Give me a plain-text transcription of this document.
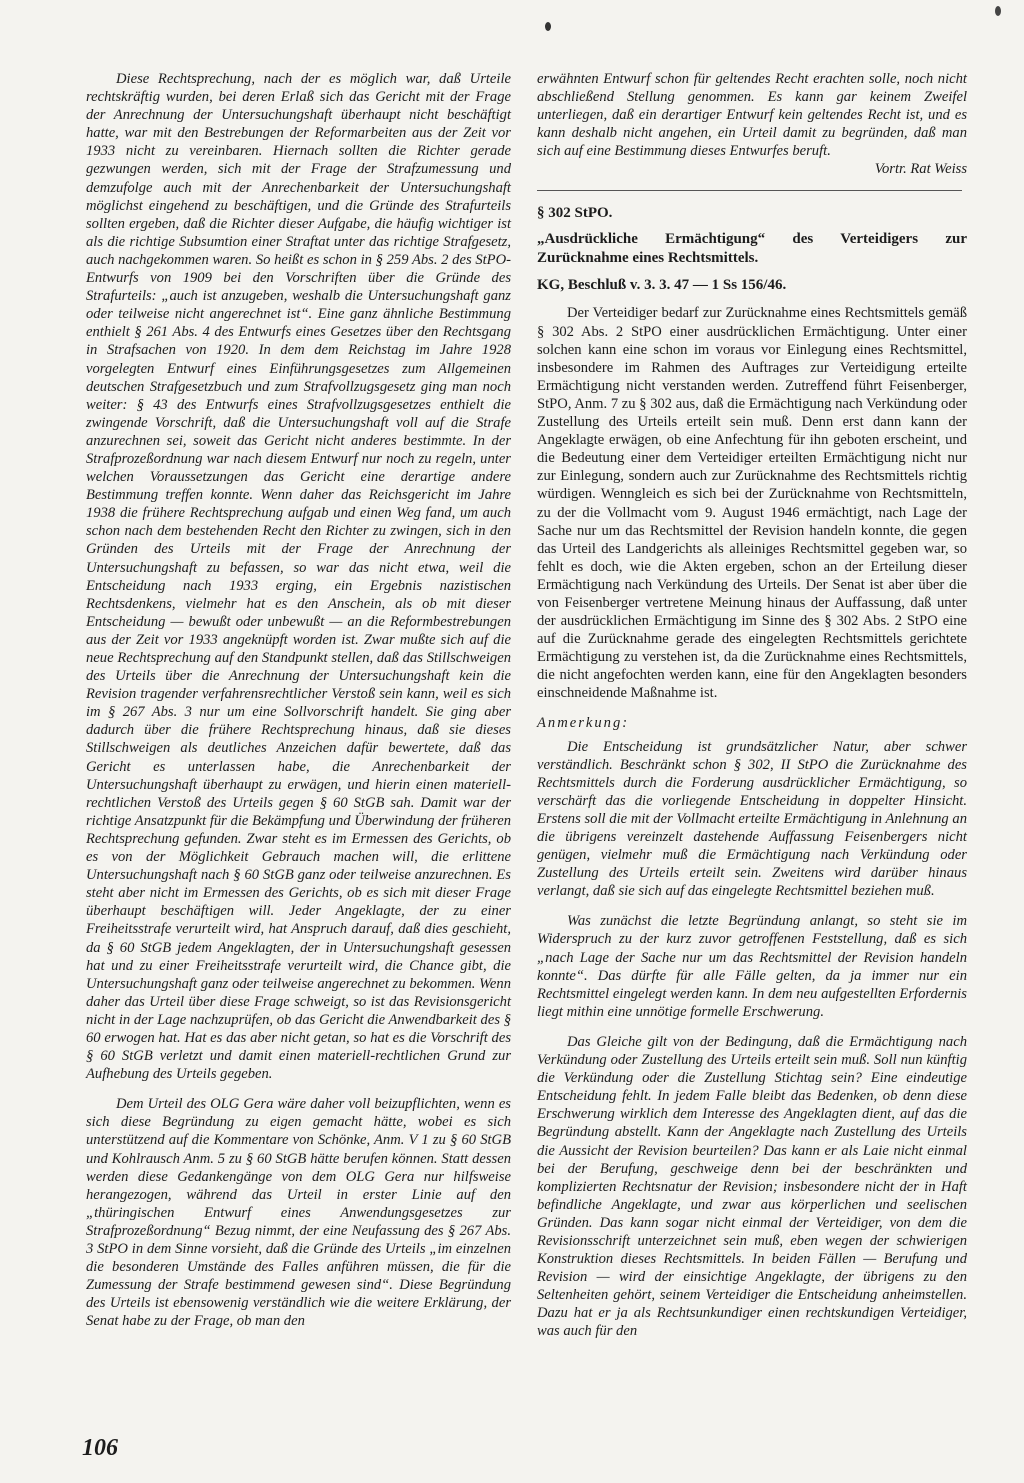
Diese Rechtsprechung, nach der es möglich war, daß Urteile rechtskräftig wurden, bei deren Erlaß sich das Gericht mit der Frage der Anrechnung der Untersuchungshaft überhaupt nicht beschäftigt hatte, war mit den Bestrebungen der Reformarbeiten aus der Zeit vor 1933 nicht zu vereinbaren. Hiernach sollten die Richter gerade gezwungen werden, sich mit der Frage der Strafzumessung und demzufolge auch mit der Anrechenbarkeit der Untersuchungshaft möglichst eingehend zu beschäftigen, und die Gründe des Strafurteils sollten ergeben, daß die Richter dieser Aufgabe, die häufig wichtiger ist als die richtige Subsumtion einer Straftat unter das richtige Strafgesetz, auch nachgekommen waren. So heißt es schon in § 259 Abs. 2 des StPO-Entwurfs von 1909 bei den Vorschriften über die Gründe des Strafurteils: „auch ist anzugeben, weshalb die Untersuchungshaft ganz oder teilweise nicht angerechnet ist“. Eine ganz ähnliche Bestimmung enthielt § 261 Abs. 4 des Entwurfs eines Gesetzes über den Rechtsgang in Strafsachen von 1920. In dem dem Reichstag im Jahre 1928 vorgelegten Entwurf eines Einführungsgesetzes zum Allgemeinen deutschen Strafgesetzbuch und zum Strafvollzugsgesetz ging man noch weiter: § 43 des Entwurfs eines Strafvollzugsgesetzes enthielt die zwingende Vorschrift, daß die Untersuchungshaft voll auf die Strafe anzurechnen sei, soweit das Gericht nicht anderes bestimmte. In der Strafprozeßordnung war nach diesem Entwurf nur noch zu regeln, unter welchen Voraussetzungen das Gericht eine derartige andere Bestimmung treffen konnte. Wenn daher das Reichsgericht im Jahre 1938 die frühere Rechtsprechung aufgab und einen Weg fand, um auch schon nach dem bestehenden Recht den Richter zu zwingen, sich in den Gründen des Urteils mit der Frage der Anrechnung der Untersuchungshaft zu befassen, so war das nicht etwa, weil die Entscheidung nach 1933 erging, ein Ergebnis nazistischen Rechtsdenkens, vielmehr hat es den Anschein, als ob mit dieser Entscheidung — bewußt oder unbewußt — an die Reformbestrebungen aus der Zeit vor 1933 angeknüpft worden ist. Zwar mußte sich auf die neue Rechtsprechung auf den Standpunkt stellen, daß das Stillschweigen des Urteils über die Anrechnung der Untersuchungshaft kein die Revision tragender verfahrensrechtlicher Verstoß sein kann, weil es sich im § 267 Abs. 3 nur um eine Sollvorschrift handelt. Sie ging aber dadurch über die frühere Rechtsprechung hinaus, daß sie dieses Stillschweigen als deutliches Anzeichen dafür bewertete, daß das Gericht es unterlassen habe, die Anrechenbarkeit der Untersuchungshaft überhaupt zu erwägen, und hierin einen materiell-rechtlichen Verstoß des Urteils gegen § 60 StGB sah. Damit war der richtige Ansatzpunkt für die Bekämpfung und Überwindung der früheren Rechtsprechung gefunden. Zwar steht es im Ermessen des Gerichts, ob es von der Möglichkeit Gebrauch machen will, die erlittene Untersuchungshaft nach § 60 StGB ganz oder teilweise anzurechnen. Es steht aber nicht im Ermessen des Gerichts, ob es sich mit dieser Frage überhaupt beschäftigen will. Jeder Angeklagte, der zu einer Freiheitsstrafe verurteilt wird, hat Anspruch darauf, daß dies geschieht, da § 60 StGB jedem Angeklagten, der in Untersuchungshaft gesessen hat und zu einer Freiheitsstrafe verurteilt wird, die Chance gibt, die Untersuchungshaft ganz oder teilweise angerechnet zu bekommen. Wenn daher das Urteil über diese Frage schweigt, so ist das Revisionsgericht nicht in der Lage nachzuprüfen, ob das Gericht die Anwendbarkeit des § 60 erwogen hat. Hat es das aber nicht getan, so hat es die Vorschrift des § 60 StGB verletzt und damit einen materiell-rechtlichen Grund zur Aufhebung des Urteils gegeben.

Dem Urteil des OLG Gera wäre daher voll beizupflichten, wenn es sich diese Begründung zu eigen gemacht hätte, wobei es sich unterstützend auf die Kommentare von Schönke, Anm. V 1 zu § 60 StGB und Kohlrausch Anm. 5 zu § 60 StGB hätte berufen können. Statt dessen werden diese Gedankengänge von dem OLG Gera nur hilfsweise herangezogen, während das Urteil in erster Linie auf den „thüringischen Entwurf eines Anwendungsgesetzes zur Strafprozeßordnung“ Bezug nimmt, der eine Neufassung des § 267 Abs. 3 StPO in dem Sinne vorsieht, daß die Gründe des Urteils „im einzelnen die besonderen Umstände des Falles anführen müssen, die für die Zumessung der Strafe bestimmend gewesen sind“. Diese Begründung des Urteils ist ebensowenig verständlich wie die weitere Erklärung, der Senat habe zu der Frage, ob man den

erwähnten Entwurf schon für geltendes Recht erachten solle, noch nicht abschließend Stellung genommen. Es kann gar keinem Zweifel unterliegen, daß ein derartiger Entwurf kein geltendes Recht ist, und es kann deshalb nicht angehen, ein Urteil damit zu begründen, daß man sich auf eine Bestimmung dieses Entwurfes beruft.

Vortr. Rat Weiss

§ 302 StPO.

„Ausdrückliche Ermächtigung“ des Verteidigers zur Zurücknahme eines Rechtsmittels.

KG, Beschluß v. 3. 3. 47 — 1 Ss 156/46.

Der Verteidiger bedarf zur Zurücknahme eines Rechtsmittels gemäß § 302 Abs. 2 StPO einer ausdrücklichen Ermächtigung. Unter einer solchen kann eine schon im voraus vor Einlegung eines Rechtsmittel, insbesondere im Rahmen des Auftrages zur Verteidigung erteilte Ermächtigung nicht verstanden werden. Zutreffend führt Feisenberger, StPO, Anm. 7 zu § 302 aus, daß die Ermächtigung nach Verkündung oder Zustellung des Urteils erteilt sein muß. Denn erst dann kann der Angeklagte erwägen, ob eine Anfechtung für ihn geboten erscheint, und die Bedeutung einer dem Verteidiger erteilten Ermächtigung nicht nur zur Einlegung, sondern auch zur Zurücknahme des Rechtsmittels richtig würdigen. Wenngleich es sich bei der Zurücknahme von Rechtsmitteln, zu der die Vollmacht vom 9. August 1946 ermächtigt, nach Lage der Sache nur um das Rechtsmittel der Revision handeln konnte, die gegen das Urteil des Landgerichts als alleiniges Rechtsmittel gegeben war, so fehlt es doch, wie die Akten ergeben, schon an der Erteilung dieser Ermächtigung nach Verkündung des Urteils. Der Senat ist aber über die von Feisenberger vertretene Meinung hinaus der Auffassung, daß unter der ausdrücklichen Ermächtigung im Sinne des § 302 Abs. 2 StPO eine auf die Zurücknahme gerade des eingelegten Rechtsmittels gerichtete Ermächtigung zu verstehen ist, da die Zurücknahme eines Rechtsmittels, die nicht angefochten werden kann, eine für den Angeklagten besonders einschneidende Maßnahme ist.

Anmerkung:

Die Entscheidung ist grundsätzlicher Natur, aber schwer verständlich. Beschränkt schon § 302, II StPO die Zurücknahme des Rechtsmittels durch die Forderung ausdrücklicher Ermächtigung, so verschärft das die vorliegende Entscheidung in doppelter Hinsicht. Erstens soll die mit der Vollmacht erteilte Ermächtigung in Anlehnung an die übrigens vereinzelt dastehende Auffassung Feisenbergers nicht genügen, vielmehr muß die Ermächtigung nach Verkündung oder Zustellung des Urteils erteilt sein. Zweitens wird darüber hinaus verlangt, daß sie sich auf das eingelegte Rechtsmittel beziehen muß.

Was zunächst die letzte Begründung anlangt, so steht sie im Widerspruch zu der kurz zuvor getroffenen Feststellung, daß es sich „nach Lage der Sache nur um das Rechtsmittel der Revision handeln konnte“. Das dürfte für alle Fälle gelten, da ja immer nur ein Rechtsmittel eingelegt werden kann. In dem neu aufgestellten Erfordernis liegt mithin eine unnötige formelle Erschwerung.

Das Gleiche gilt von der Bedingung, daß die Ermächtigung nach Verkündung oder Zustellung des Urteils erteilt sein muß. Soll nun künftig die Verkündung oder die Zustellung Stichtag sein? Eine eindeutige Entscheidung fehlt. In jedem Falle bleibt das Bedenken, ob denn diese Erschwerung wirklich dem Interesse des Angeklagten dient, auf das die Begründung abstellt. Kann der Angeklagte nach Zustellung des Urteils die Aussicht der Revision beurteilen? Das kann er als Laie nicht einmal bei der Berufung, geschweige denn bei der beschränkten und komplizierten Rechtsnatur der Revision; insbesondere nicht der in Haft befindliche Angeklagte, und zwar aus körperlichen und seelischen Gründen. Das kann sogar nicht einmal der Verteidiger, von dem die Revisionsschrift unterzeichnet sein muß, eben wegen der schwierigen Konstruktion dieses Rechtsmittels. In beiden Fällen — Berufung und Revision — wird der einsichtige Angeklagte, der übrigens zu den Seltenheiten gehört, seinem Verteidiger die Entscheidung anheimstellen. Dazu hat er ja als Rechtsunkundiger einen rechtskundigen Verteidiger, was auch für den

106
